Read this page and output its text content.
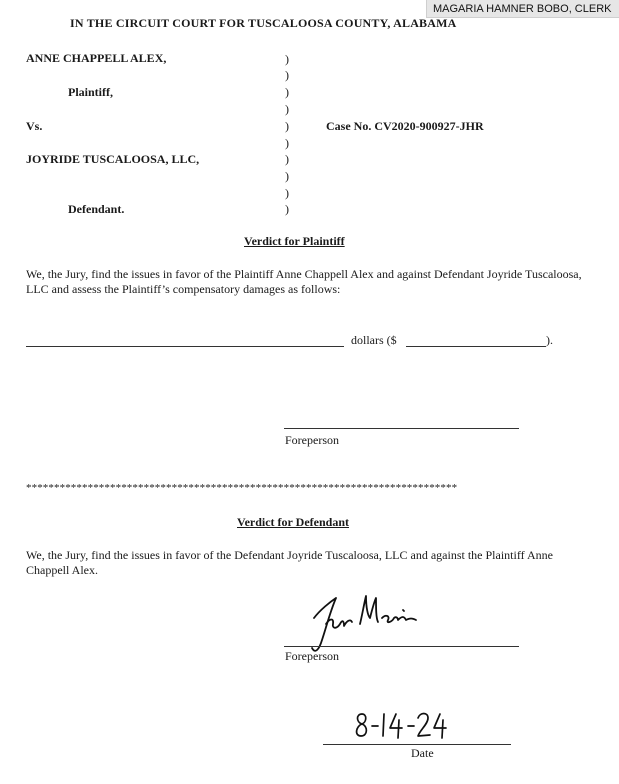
MAGARIA HAMNER BOBO, CLERK
IN THE CIRCUIT COURT FOR TUSCALOOSA COUNTY, ALABAMA
ANNE CHAPPELL ALEX,
Plaintiff,
Vs.
JOYRIDE TUSCALOOSA, LLC,
Defendant.
)
)
)
)
)
)
)
)
)
)
Case No. CV2020-900927-JHR
Verdict for Plaintiff
We, the Jury, find the issues in favor of the Plaintiff Anne Chappell Alex and against Defendant Joyride Tuscaloosa, LLC and assess the Plaintiff’s compensatory damages as follows:
dollars ($	).
Foreperson
*****************************************************************************
Verdict for Defendant
We, the Jury, find the issues in favor of the Defendant Joyride Tuscaloosa, LLC and against the Plaintiff Anne Chappell Alex.
Foreperson
Date
